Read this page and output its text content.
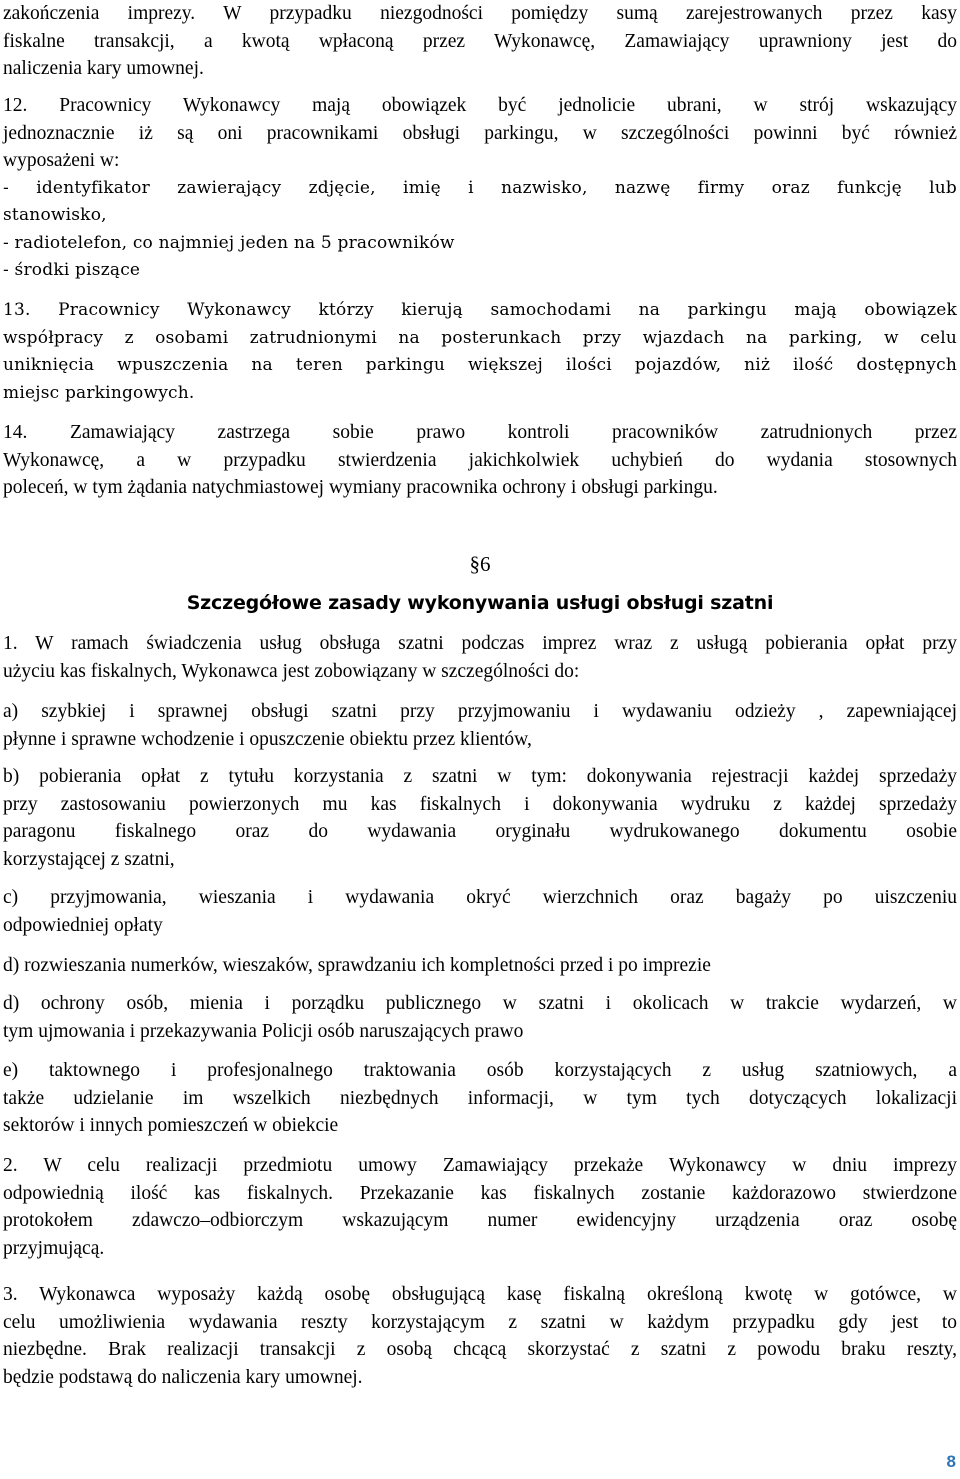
zakończenia imprezy. W przypadku niezgodności pomiędzy sumą zarejestrowanych przez kasy
fiskalne transakcji, a kwotą wpłaconą przez Wykonawcę, Zamawiający uprawniony jest do
naliczenia kary umownej.

12. Pracownicy Wykonawcy mają obowiązek być jednolicie ubrani, w strój wskazujący
jednoznacznie iż są oni pracownikami obsługi parkingu, w szczególności powinni być również
wyposażeni w:
- identyfikator zawierający zdjęcie, imię i nazwisko, nazwę firmy oraz funkcję lub
stanowisko,
- radiotelefon, co najmniej jeden na 5 pracowników
- środki piszące

13. Pracownicy Wykonawcy którzy kierują samochodami na parkingu mają obowiązek
współpracy z osobami zatrudnionymi na posterunkach przy wjazdach na parking, w celu
uniknięcia wpuszczenia na teren parkingu większej ilości pojazdów, niż ilość dostępnych
miejsc parkingowych.

14. Zamawiający zastrzega sobie prawo kontroli pracowników zatrudnionych przez
Wykonawcę, a w przypadku stwierdzenia jakichkolwiek uchybień do wydania stosownych
poleceń, w tym żądania natychmiastowej wymiany pracownika ochrony i obsługi parkingu.

§6
Szczegółowe zasady wykonywania usługi obsługi szatni

1. W ramach świadczenia usług obsługa szatni podczas imprez wraz z usługą pobierania opłat przy
użyciu kas fiskalnych, Wykonawca jest zobowiązany w szczególności do:

a) szybkiej i sprawnej obsługi szatni przy przyjmowaniu i wydawaniu odzieży , zapewniającej
płynne i sprawne wchodzenie i opuszczenie obiektu przez klientów,

b) pobierania opłat z tytułu korzystania z szatni w tym: dokonywania rejestracji każdej sprzedaży
przy zastosowaniu powierzonych mu kas fiskalnych i dokonywania wydruku z każdej sprzedaży
paragonu fiskalnego oraz do wydawania oryginału wydrukowanego dokumentu osobie
korzystającej z szatni,

c) przyjmowania, wieszania i wydawania okryć wierzchnich oraz bagaży po uiszczeniu
odpowiedniej opłaty

d) rozwieszania numerków, wieszaków, sprawdzaniu ich kompletności przed i po imprezie

d) ochrony osób, mienia i porządku publicznego w szatni i okolicach w trakcie wydarzeń, w
tym ujmowania i przekazywania Policji osób naruszających prawo

e) taktownego i profesjonalnego traktowania osób korzystających z usług szatniowych, a
także udzielanie im wszelkich niezbędnych informacji, w tym tych dotyczących lokalizacji
sektorów i innych pomieszczeń w obiekcie

2. W celu realizacji przedmiotu umowy Zamawiający przekaże Wykonawcy w dniu imprezy
odpowiednią ilość kas fiskalnych. Przekazanie kas fiskalnych zostanie każdorazowo stwierdzone
protokołem zdawczo–odbiorczym wskazującym numer ewidencyjny urządzenia oraz osobę
przyjmującą.

3. Wykonawca wyposaży każdą osobę obsługującą kasę fiskalną określoną kwotę w gotówce, w
celu umożliwienia wydawania reszty korzystającym z szatni w każdym przypadku gdy jest to
niezbędne. Brak realizacji transakcji z osobą chcącą skorzystać z szatni z powodu braku reszty,
będzie podstawą do naliczenia kary umownej.

8
